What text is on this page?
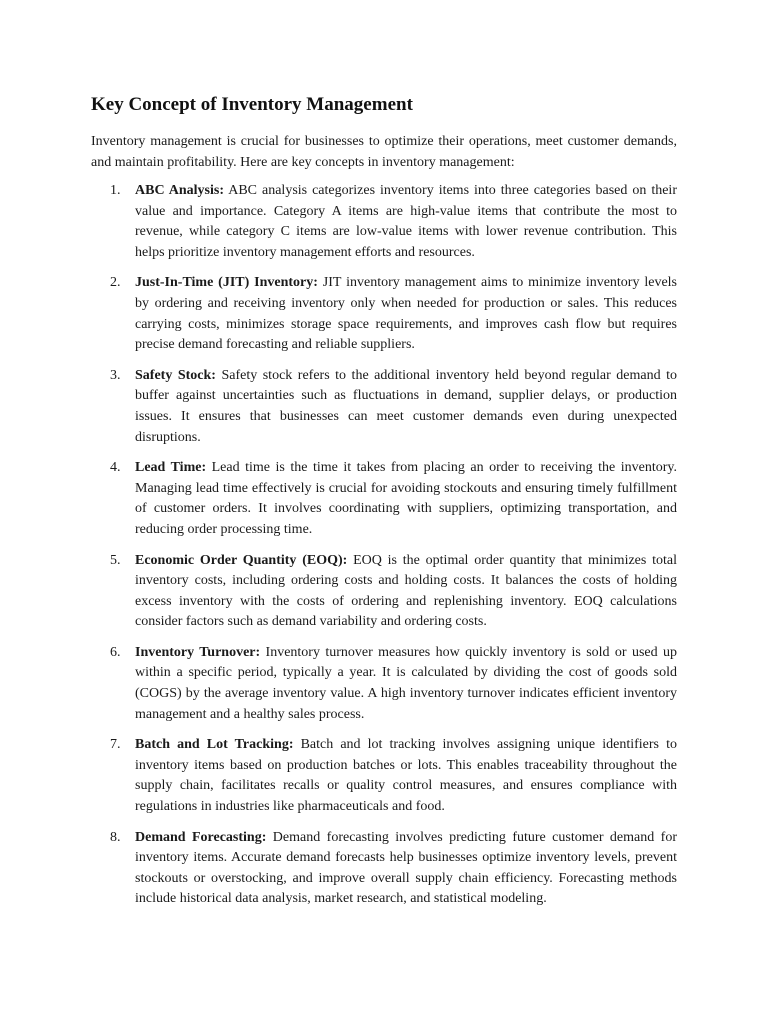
Key Concept of Inventory Management

Inventory management is crucial for businesses to optimize their operations, meet customer demands, and maintain profitability. Here are key concepts in inventory management:

1. ABC Analysis: ABC analysis categorizes inventory items into three categories based on their value and importance. Category A items are high-value items that contribute the most to revenue, while category C items are low-value items with lower revenue contribution. This helps prioritize inventory management efforts and resources.
2. Just-In-Time (JIT) Inventory: JIT inventory management aims to minimize inventory levels by ordering and receiving inventory only when needed for production or sales. This reduces carrying costs, minimizes storage space requirements, and improves cash flow but requires precise demand forecasting and reliable suppliers.
3. Safety Stock: Safety stock refers to the additional inventory held beyond regular demand to buffer against uncertainties such as fluctuations in demand, supplier delays, or production issues. It ensures that businesses can meet customer demands even during unexpected disruptions.
4. Lead Time: Lead time is the time it takes from placing an order to receiving the inventory. Managing lead time effectively is crucial for avoiding stockouts and ensuring timely fulfillment of customer orders. It involves coordinating with suppliers, optimizing transportation, and reducing order processing time.
5. Economic Order Quantity (EOQ): EOQ is the optimal order quantity that minimizes total inventory costs, including ordering costs and holding costs. It balances the costs of holding excess inventory with the costs of ordering and replenishing inventory. EOQ calculations consider factors such as demand variability and ordering costs.
6. Inventory Turnover: Inventory turnover measures how quickly inventory is sold or used up within a specific period, typically a year. It is calculated by dividing the cost of goods sold (COGS) by the average inventory value. A high inventory turnover indicates efficient inventory management and a healthy sales process.
7. Batch and Lot Tracking: Batch and lot tracking involves assigning unique identifiers to inventory items based on production batches or lots. This enables traceability throughout the supply chain, facilitates recalls or quality control measures, and ensures compliance with regulations in industries like pharmaceuticals and food.
8. Demand Forecasting: Demand forecasting involves predicting future customer demand for inventory items. Accurate demand forecasts help businesses optimize inventory levels, prevent stockouts or overstocking, and improve overall supply chain efficiency. Forecasting methods include historical data analysis, market research, and statistical modeling.
